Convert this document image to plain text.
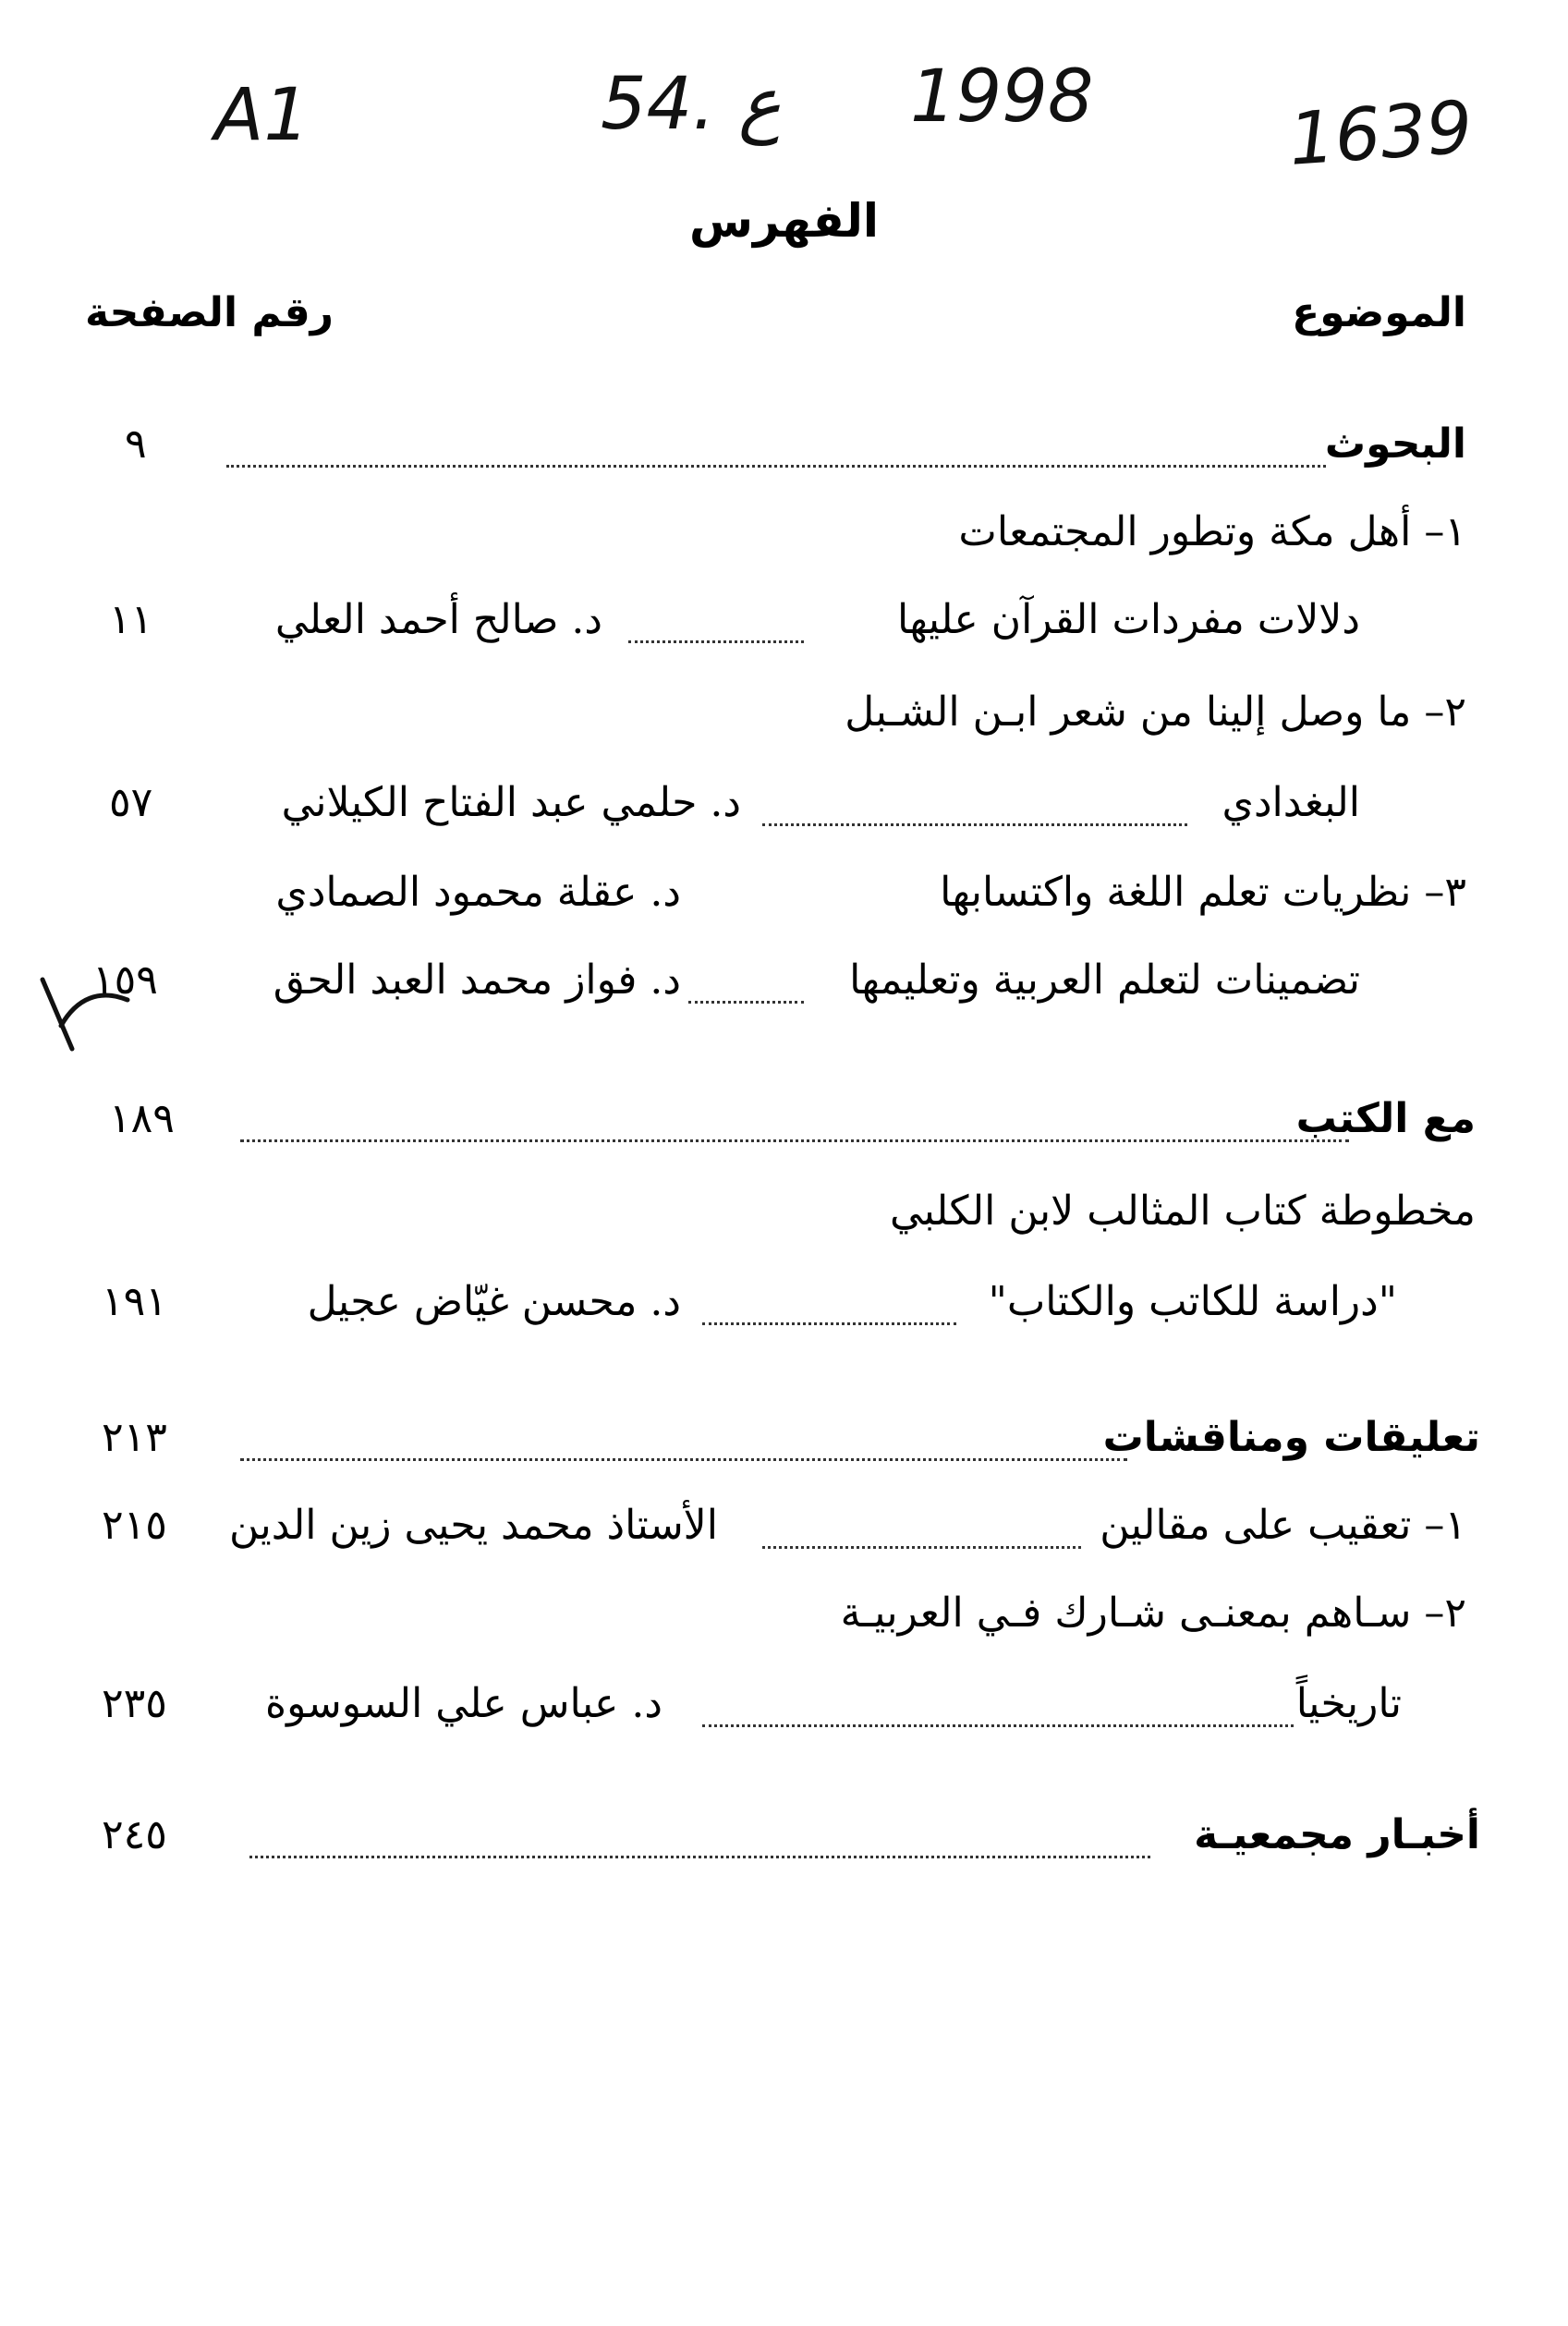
A1	54. ع 1998	1639
الفهرس
الموضوع
رقم الصفحة
البحوث
٩
١– أهل مكة وتطور المجتمعات
دلالات مفردات القرآن عليها
د. صالح أحمد العلي
١١
٢– ما وصل إلينا من شعر ابـن الشـبل
البغدادي
د. حلمي عبد الفتاح الكيلاني
٥٧
٣– نظريات تعلم اللغة واكتسابها
د. عقلة محمود الصمادي
تضمينات لتعلم العربية وتعليمها
د. فواز محمد العبد الحق
١٥٩
مع الكتب
١٨٩
مخطوطة كتاب المثالب لابن الكلبي
"دراسة للكاتب والكتاب"
د. محسن غيّاض عجيل
١٩١
تعليقات ومناقشات
٢١٣
١– تعقيب على مقالين
الأستاذ محمد يحيى زين الدين
٢١٥
٢– سـاهم بمعنـى شـارك فـي العربيـة
تاريخياً
د. عباس علي السوسوة
٢٣٥
أخبـار مجمعيـة
٢٤٥
